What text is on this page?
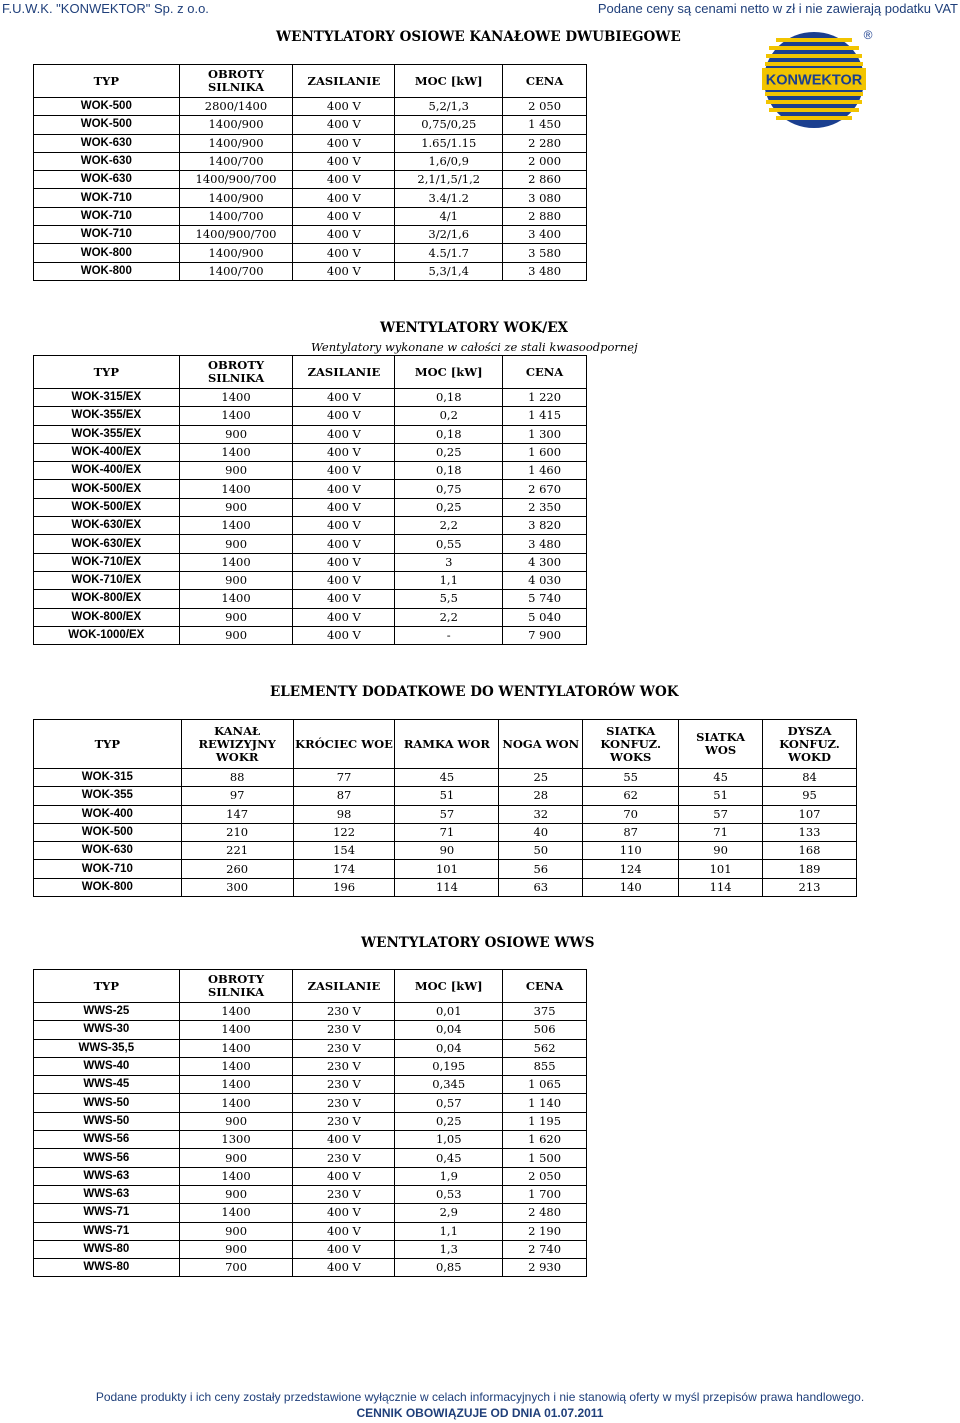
F.U.W.K. "KONWEKTOR" Sp. z o.o.	Podane ceny są cenami netto w zł i nie zawierają podatku VAT
KONWEKTOR
®
WENTYLATORY OSIOWE KANAŁOWE DWUBIEGOWE
TYP	OBROTY SILNIKA	ZASILANIE	MOC [kW]	CENA
WOK-500	2800/1400	400 V	5,2/1,3	2 050
WOK-500	1400/900	400 V	0,75/0,25	1 450
WOK-630	1400/900	400 V	1.65/1.15	2 280
WOK-630	1400/700	400 V	1,6/0,9	2 000
WOK-630	1400/900/700	400 V	2,1/1,5/1,2	2 860
WOK-710	1400/900	400 V	3.4/1.2	3 080
WOK-710	1400/700	400 V	4/1	2 880
WOK-710	1400/900/700	400 V	3/2/1,6	3 400
WOK-800	1400/900	400 V	4.5/1.7	3 580
WOK-800	1400/700	400 V	5,3/1,4	3 480
WENTYLATORY WOK/EX
Wentylatory wykonane w całości ze stali kwasoodpornej
TYP	OBROTY SILNIKA	ZASILANIE	MOC [kW]	CENA
WOK-315/EX	1400	400 V	0,18	1 220
WOK-355/EX	1400	400 V	0,2	1 415
WOK-355/EX	900	400 V	0,18	1 300
WOK-400/EX	1400	400 V	0,25	1 600
WOK-400/EX	900	400 V	0,18	1 460
WOK-500/EX	1400	400 V	0,75	2 670
WOK-500/EX	900	400 V	0,25	2 350
WOK-630/EX	1400	400 V	2,2	3 820
WOK-630/EX	900	400 V	0,55	3 480
WOK-710/EX	1400	400 V	3	4 300
WOK-710/EX	900	400 V	1,1	4 030
WOK-800/EX	1400	400 V	5,5	5 740
WOK-800/EX	900	400 V	2,2	5 040
WOK-1000/EX	900	400 V	-	7 900
ELEMENTY DODATKOWE DO WENTYLATORÓW WOK
TYP	KANAŁ REWIZYJNY WOKR	KRÓCIEC WOE	RAMKA WOR	NOGA WON	SIATKA KONFUZ. WOKS	SIATKA WOS	DYSZA KONFUZ. WOKD
WOK-315	88	77	45	25	55	45	84
WOK-355	97	87	51	28	62	51	95
WOK-400	147	98	57	32	70	57	107
WOK-500	210	122	71	40	87	71	133
WOK-630	221	154	90	50	110	90	168
WOK-710	260	174	101	56	124	101	189
WOK-800	300	196	114	63	140	114	213
WENTYLATORY OSIOWE WWS
TYP	OBROTY SILNIKA	ZASILANIE	MOC [kW]	CENA
WWS-25	1400	230 V	0,01	375
WWS-30	1400	230 V	0,04	506
WWS-35,5	1400	230 V	0,04	562
WWS-40	1400	230 V	0,195	855
WWS-45	1400	230 V	0,345	1 065
WWS-50	1400	230 V	0,57	1 140
WWS-50	900	230 V	0,25	1 195
WWS-56	1300	400 V	1,05	1 620
WWS-56	900	230 V	0,45	1 500
WWS-63	1400	400 V	1,9	2 050
WWS-63	900	230 V	0,53	1 700
WWS-71	1400	400 V	2,9	2 480
WWS-71	900	400 V	1,1	2 190
WWS-80	900	400 V	1,3	2 740
WWS-80	700	400 V	0,85	2 930
Podane produkty i ich ceny zostały przedstawione wyłącznie w celach informacyjnych i nie stanowią oferty w myśl przepisów prawa handlowego.
CENNIK OBOWIĄZUJE OD DNIA 01.07.2011
